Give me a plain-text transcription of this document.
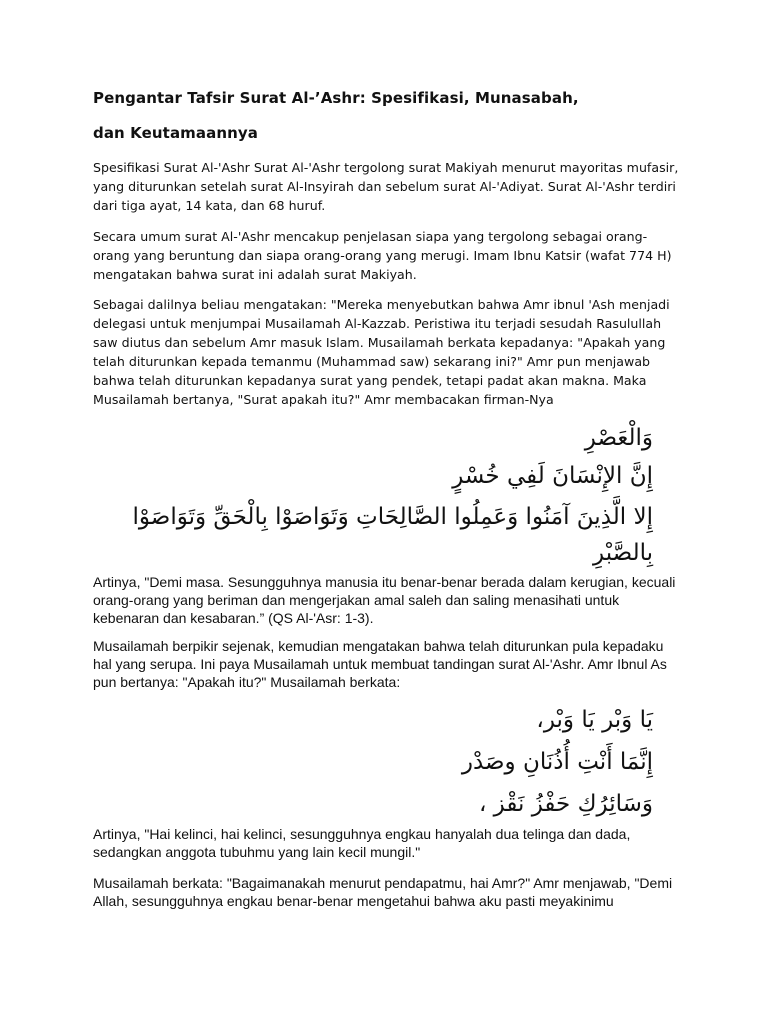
Pengantar Tafsir Surat Al-’Ashr: Spesifikasi, Munasabah,
dan Keutamaannya

Spesifikasi Surat Al-'Ashr Surat Al-'Ashr tergolong surat Makiyah menurut mayoritas mufasir, yang diturunkan setelah surat Al-Insyirah dan sebelum surat Al-'Adiyat. Surat Al-'Ashr terdiri dari tiga ayat, 14 kata, dan 68 huruf.

Secara umum surat Al-'Ashr mencakup penjelasan siapa yang tergolong sebagai orang-orang yang beruntung dan siapa orang-orang yang merugi. Imam Ibnu Katsir (wafat 774 H) mengatakan bahwa surat ini adalah surat Makiyah.

Sebagai dalilnya beliau mengatakan: "Mereka menyebutkan bahwa Amr ibnul 'Ash menjadi delegasi untuk menjumpai Musailamah Al-Kazzab. Peristiwa itu terjadi sesudah Rasulullah saw diutus dan sebelum Amr masuk Islam. Musailamah berkata kepadanya: "Apakah yang telah diturunkan kepada temanmu (Muhammad saw) sekarang ini?" Amr pun menjawab bahwa telah diturunkan kepadanya surat yang pendek, tetapi padat akan makna. Maka Musailamah bertanya, "Surat apakah itu?" Amr membacakan firman-Nya

وَالْعَصْرِ
إِنَّ الإِنْسَانَ لَفِي خُسْرٍ
إِلا الَّذِينَ آمَنُوا وَعَمِلُوا الصَّالِحَاتِ وَتَوَاصَوْا بِالْحَقِّ وَتَوَاصَوْا
بِالصَّبْرِ

Artinya, "Demi masa. Sesungguhnya manusia itu benar-benar berada dalam kerugian, kecuali orang-orang yang beriman dan mengerjakan amal saleh dan saling menasihati untuk kebenaran dan kesabaran.” (QS Al-'Asr: 1-3).

Musailamah berpikir sejenak, kemudian mengatakan bahwa telah diturunkan pula kepadaku hal yang serupa. Ini paya Musailamah untuk membuat tandingan surat Al-'Ashr. Amr Ibnul As pun bertanya: "Apakah itu?" Musailamah berkata:

يَا وَبْر يَا وَبْر،
إِنَّمَا أَنْتِ أُذُنَانِ وصَدْر
وَسَائِرُكِ حَفْزُ نَقْز ،

Artinya, "Hai kelinci, hai kelinci, sesungguhnya engkau hanyalah dua telinga dan dada, sedangkan anggota tubuhmu yang lain kecil mungil."

Musailamah berkata: "Bagaimanakah menurut pendapatmu, hai Amr?" Amr menjawab, "Demi Allah, sesungguhnya engkau benar-benar mengetahui bahwa aku pasti meyakinimu
